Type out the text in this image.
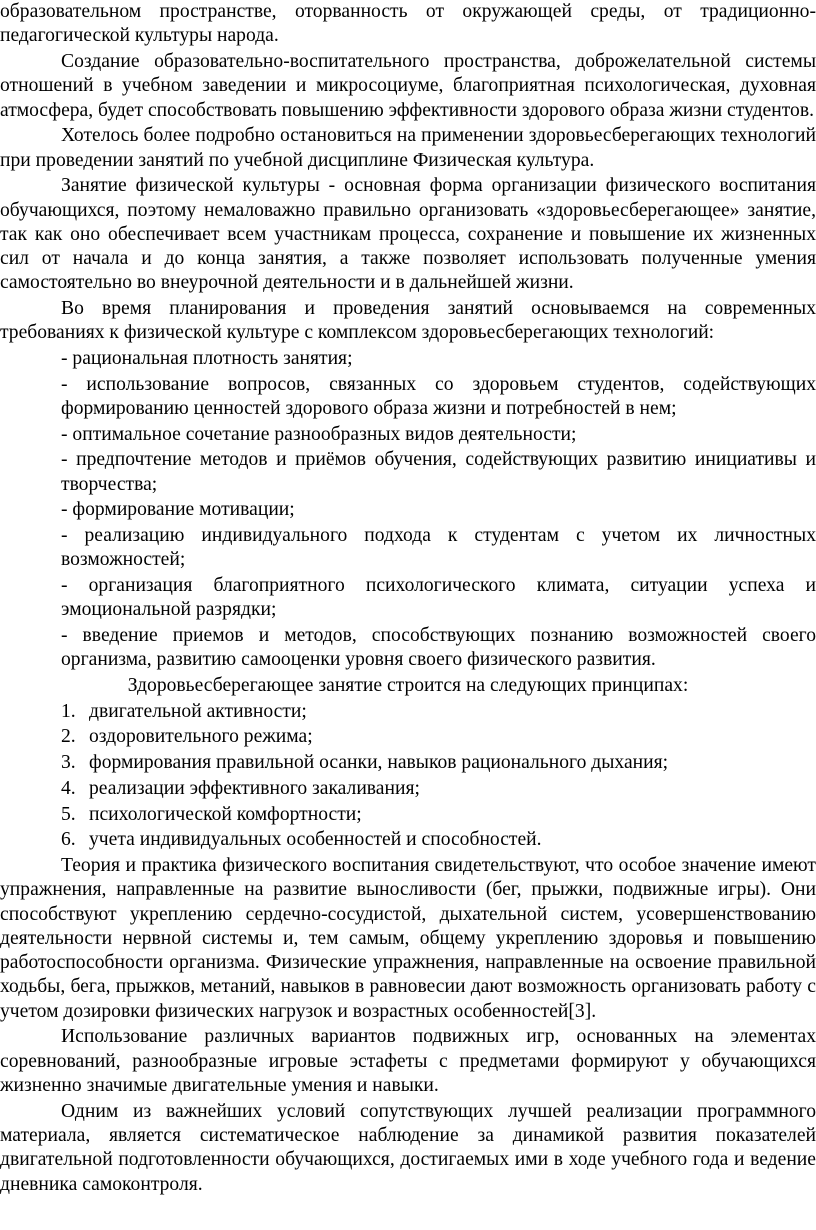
образовательном пространстве, оторванность от окружающей среды, от традиционно-педагогической культуры народа.

Создание образовательно-воспитательного пространства, доброжелательной системы отношений в учебном заведении и микросоциуме, благоприятная психологическая, духовная атмосфера, будет способствовать повышению эффективности здорового образа жизни студентов.

Хотелось более подробно остановиться на применении здоровьесберегающих технологий при проведении занятий по учебной дисциплине Физическая культура.

Занятие физической культуры - основная форма организации физического воспитания обучающихся, поэтому немаловажно правильно организовать «здоровьесберегающее» занятие, так как оно обеспечивает всем участникам процесса, сохранение и повышение их жизненных сил от начала и до конца занятия, а также позволяет использовать полученные умения самостоятельно во внеурочной деятельности и в дальнейшей жизни.

Во время планирования и проведения занятий основываемся на современных требованиях к физической культуре с комплексом здоровьесберегающих технологий:

- рациональная плотность занятия;

- использование вопросов, связанных со здоровьем студентов, содействующих формированию ценностей здорового образа жизни и потребностей в нем;

- оптимальное сочетание разнообразных видов деятельности;

- предпочтение методов и приёмов обучения, содействующих развитию инициативы и творчества;

- формирование мотивации;

- реализацию индивидуального подхода к студентам с учетом их личностных возможностей;

- организация благоприятного психологического климата, ситуации успеха и эмоциональной разрядки;

- введение приемов и методов, способствующих познанию возможностей своего организма, развитию самооценки уровня своего физического развития.

Здоровьесберегающее занятие строится на следующих принципах:

1. двигательной активности;
2. оздоровительного режима;
3. формирования правильной осанки, навыков рационального дыхания;
4. реализации эффективного закаливания;
5. психологической комфортности;
6. учета индивидуальных особенностей и способностей.

Теория и практика физического воспитания свидетельствуют, что особое значение имеют упражнения, направленные на развитие выносливости (бег, прыжки, подвижные игры). Они способствуют укреплению сердечно-сосудистой, дыхательной систем, усовершенствованию деятельности нервной системы и, тем самым, общему укреплению здоровья и повышению работоспособности организма. Физические упражнения, направленные на освоение правильной ходьбы, бега, прыжков, метаний, навыков в равновесии дают возможность организовать работу с учетом дозировки физических нагрузок и возрастных особенностей[3].

Использование различных вариантов подвижных игр, основанных на элементах соревнований, разнообразные игровые эстафеты с предметами формируют у обучающихся жизненно значимые двигательные умения и навыки.

Одним из важнейших условий сопутствующих лучшей реализации программного материала, является систематическое наблюдение за динамикой развития показателей двигательной подготовленности обучающихся, достигаемых ими в ходе учебного года и ведение дневника самоконтроля.
